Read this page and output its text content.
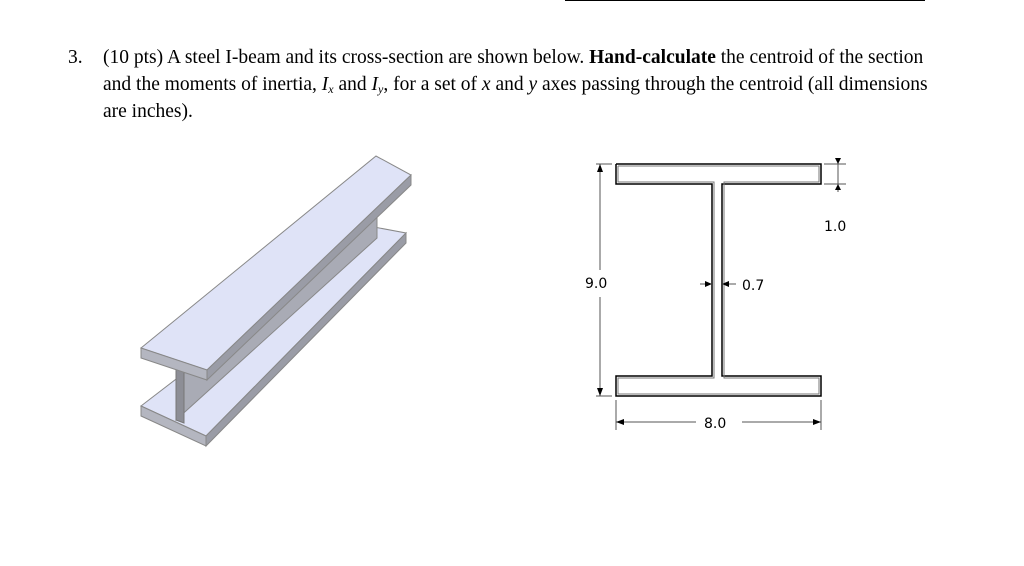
3. (10 pts) A steel I-beam and its cross-section are shown below. Hand-calculate the centroid of the section and the moments of inertia, $I_x$ and $I_y$, for a set of x and y axes passing through the centroid (all dimensions are inches).
9.0	0.7
1.0
8.0
